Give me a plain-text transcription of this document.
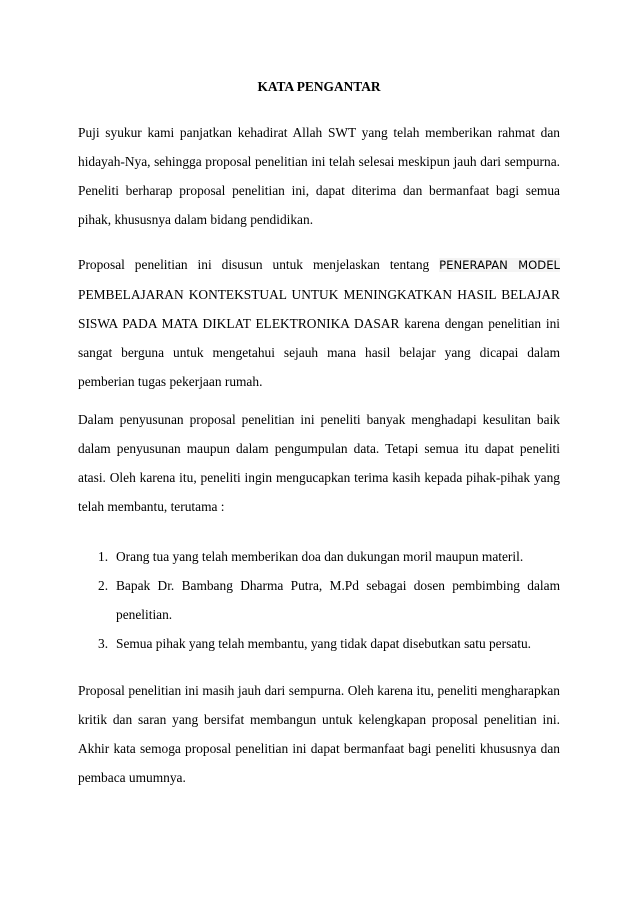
KATA PENGANTAR

Puji syukur kami panjatkan kehadirat Allah SWT yang telah memberikan rahmat dan hidayah-Nya, sehingga proposal penelitian ini telah selesai meskipun jauh dari sempurna. Peneliti berharap proposal penelitian ini, dapat diterima dan bermanfaat bagi semua pihak, khususnya dalam bidang pendidikan.

Proposal penelitian ini disusun untuk menjelaskan tentang PENERAPAN MODEL PEMBELAJARAN KONTEKSTUAL UNTUK MENINGKATKAN HASIL BELAJAR SISWA PADA MATA DIKLAT ELEKTRONIKA DASAR karena dengan penelitian ini sangat berguna untuk mengetahui sejauh mana hasil belajar yang dicapai dalam pemberian tugas pekerjaan rumah.

Dalam penyusunan proposal penelitian ini peneliti banyak menghadapi kesulitan baik dalam penyusunan maupun dalam pengumpulan data. Tetapi semua itu dapat peneliti atasi. Oleh karena itu, peneliti ingin mengucapkan terima kasih kepada pihak-pihak yang telah membantu, terutama :

1. Orang tua yang telah memberikan doa dan dukungan moril maupun materil.
2. Bapak Dr. Bambang Dharma Putra, M.Pd sebagai dosen pembimbing dalam penelitian.
3. Semua pihak yang telah membantu, yang tidak dapat disebutkan satu persatu.

Proposal penelitian ini masih jauh dari sempurna. Oleh karena itu, peneliti mengharapkan kritik dan saran yang bersifat membangun untuk kelengkapan proposal penelitian ini. Akhir kata semoga proposal penelitian ini dapat bermanfaat bagi peneliti khususnya dan pembaca umumnya.
